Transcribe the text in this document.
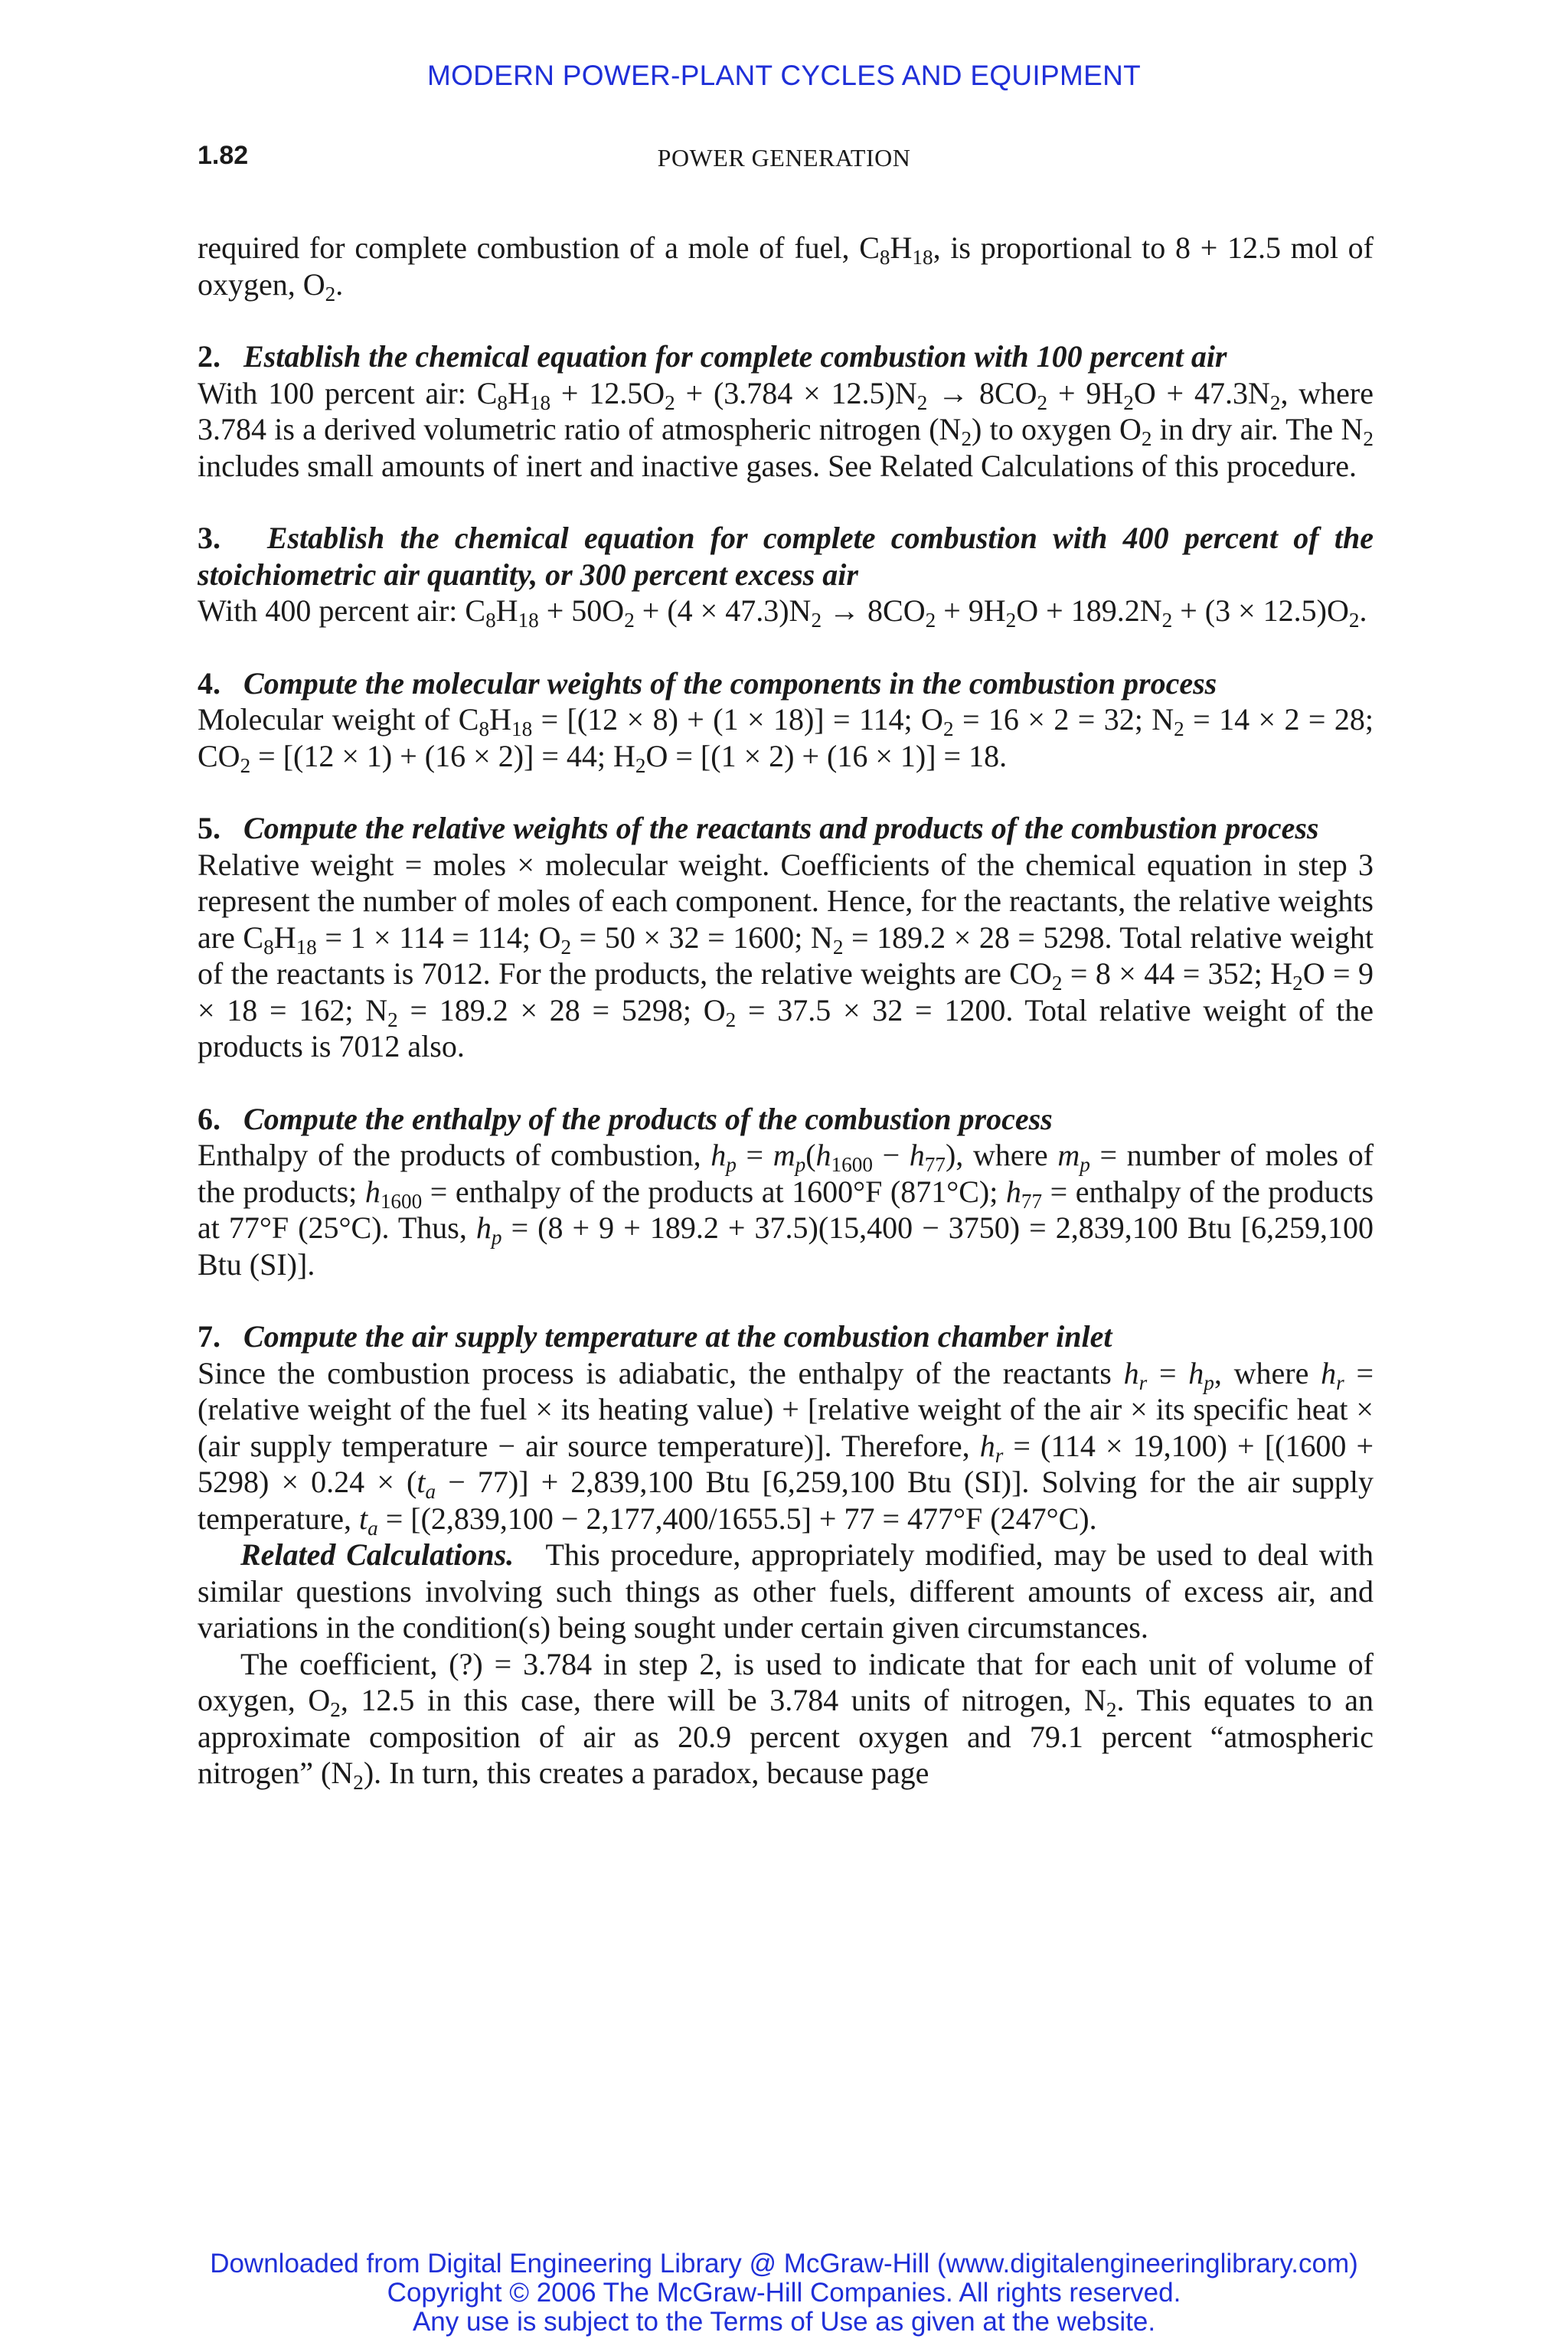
MODERN POWER-PLANT CYCLES AND EQUIPMENT
1.82	POWER GENERATION

required for complete combustion of a mole of fuel, $C_8H_{18}$, is proportional to 8 + 12.5 mol of oxygen, $O_2$.

2. Establish the chemical equation for complete combustion with 100 percent air

With 100 percent air: $C_8H_{18} + 12.5O_2 + (3.784 \times 12.5)N_2 \to 8CO_2 + 9H_2O + 47.3N_2$, where 3.784 is a derived volumetric ratio of atmospheric nitrogen $(N_2)$ to oxygen $O_2$ in dry air. The $N_2$ includes small amounts of inert and inactive gases. See Related Calculations of this procedure.

3. Establish the chemical equation for complete combustion with 400 percent of the stoichiometric air quantity, or 300 percent excess air

With 400 percent air: $C_8H_{18} + 50O_2 + (4 \times 47.3)N_2 \to 8CO_2 + 9H_2O + 189.2N_2 + (3 \times 12.5)O_2$.

4. Compute the molecular weights of the components in the combustion process

Molecular weight of $C_8H_{18} = [(12 \times 8) + (1 \times 18)] = 114$; $O_2 = 16 \times 2 = 32$; $N_2 = 14 \times 2 = 28$; $CO_2 = [(12 \times 1) + (16 \times 2)] = 44$; $H_2O = [(1 \times 2) + (16 \times 1)] = 18$.

5. Compute the relative weights of the reactants and products of the combustion process

Relative weight = moles × molecular weight. Coefficients of the chemical equation in step 3 represent the number of moles of each component. Hence, for the reactants, the relative weights are $C_8H_{18} = 1 \times 114 = 114$; $O_2 = 50 \times 32 = 1600$; $N_2 = 189.2 \times 28 = 5298$. Total relative weight of the reactants is 7012. For the products, the relative weights are $CO_2 = 8 \times 44 = 352$; $H_2O = 9 \times 18 = 162$; $N_2 = 189.2 \times 28 = 5298$; $O_2 = 37.5 \times 32 = 1200$. Total relative weight of the products is 7012 also.

6. Compute the enthalpy of the products of the combustion process

Enthalpy of the products of combustion, $h_p = m_p(h_{1600} - h_{77})$, where $m_p$ = number of moles of the products; $h_{1600}$ = enthalpy of the products at 1600°F (871°C); $h_{77}$ = enthalpy of the products at 77°F (25°C). Thus, $h_p = (8 + 9 + 189.2 + 37.5)(15,400 - 3750) = 2,839,100$ Btu [6,259,100 Btu (SI)].

7. Compute the air supply temperature at the combustion chamber inlet

Since the combustion process is adiabatic, the enthalpy of the reactants $h_r = h_p$, where $h_r$ = (relative weight of the fuel × its heating value) + [relative weight of the air × its specific heat × (air supply temperature − air source temperature)]. Therefore, $h_r = (114 \times 19,100) + [(1600 + 5298) \times 0.24 \times (t_a - 77)] + 2,839,100$ Btu [6,259,100 Btu (SI)]. Solving for the air supply temperature, $t_a = [(2,839,100 - 2,177,400/1655.5] + 77 = 477^\circ F$ (247°C).

Related Calculations. This procedure, appropriately modified, may be used to deal with similar questions involving such things as other fuels, different amounts of excess air, and variations in the condition(s) being sought under certain given circumstances.

The coefficient, (?) = 3.784 in step 2, is used to indicate that for each unit of volume of oxygen, $O_2$, 12.5 in this case, there will be 3.784 units of nitrogen, $N_2$. This equates to an approximate composition of air as 20.9 percent oxygen and 79.1 percent “atmospheric nitrogen” $(N_2)$. In turn, this creates a paradox, because page

Downloaded from Digital Engineering Library @ McGraw-Hill (www.digitalengineeringlibrary.com)
Copyright © 2006 The McGraw-Hill Companies. All rights reserved.
Any use is subject to the Terms of Use as given at the website.
